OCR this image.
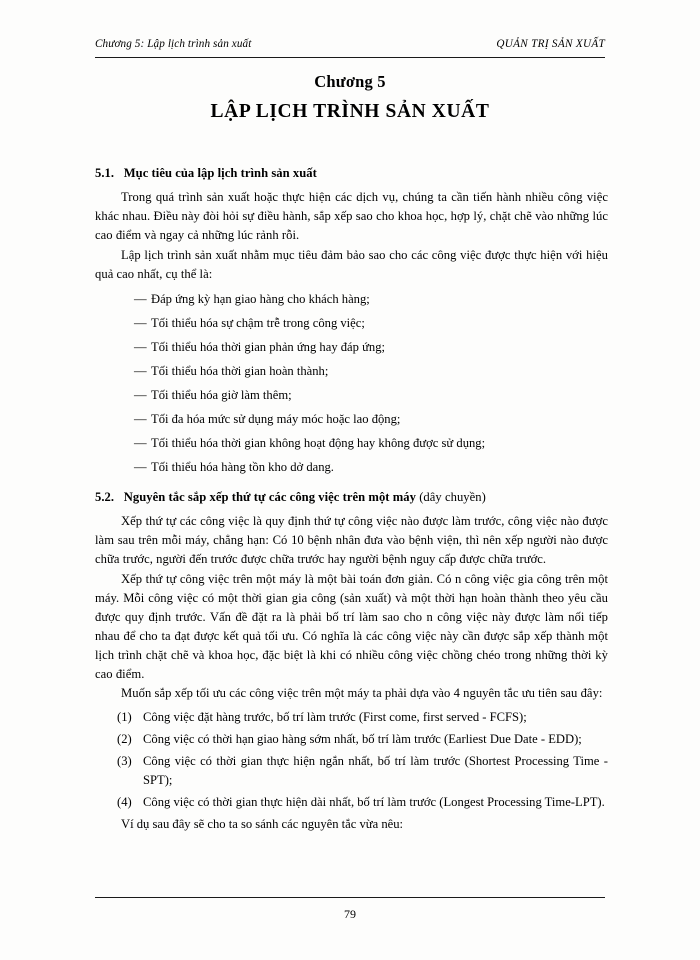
Chương 5: Lập lịch trình sản xuất	QUẢN TRỊ SẢN XUẤT
Chương 5
LẬP LỊCH TRÌNH SẢN XUẤT
5.1. Mục tiêu của lập lịch trình sản xuất

Trong quá trình sản xuất hoặc thực hiện các dịch vụ, chúng ta cần tiến hành nhiều công việc khác nhau. Điều này đòi hỏi sự điều hành, sắp xếp sao cho khoa học, hợp lý, chặt chẽ vào những lúc cao điểm và ngay cả những lúc rảnh rỗi.

Lập lịch trình sản xuất nhằm mục tiêu đảm bảo sao cho các công việc được thực hiện với hiệu quả cao nhất, cụ thể là:

— Đáp ứng kỳ hạn giao hàng cho khách hàng;
— Tối thiểu hóa sự chậm trễ trong công việc;
— Tối thiểu hóa thời gian phản ứng hay đáp ứng;
— Tối thiểu hóa thời gian hoàn thành;
— Tối thiểu hóa giờ làm thêm;
— Tối đa hóa mức sử dụng máy móc hoặc lao động;
— Tối thiểu hóa thời gian không hoạt động hay không được sử dụng;
— Tối thiểu hóa hàng tồn kho dở dang.
5.2. Nguyên tắc sắp xếp thứ tự các công việc trên một máy (dây chuyền)

Xếp thứ tự các công việc là quy định thứ tự công việc nào được làm trước, công việc nào được làm sau trên mỗi máy, chẳng hạn: Có 10 bệnh nhân đưa vào bệnh viện, thì nên xếp người nào được chữa trước, người đến trước được chữa trước hay người bệnh nguy cấp được chữa trước.

Xếp thứ tự công việc trên một máy là một bài toán đơn giản. Có n công việc gia công trên một máy. Mỗi công việc có một thời gian gia công (sản xuất) và một thời hạn hoàn thành theo yêu cầu được quy định trước. Vấn đề đặt ra là phải bố trí làm sao cho n công việc này được làm nối tiếp nhau để cho ta đạt được kết quả tối ưu. Có nghĩa là các công việc này cần được sắp xếp thành một lịch trình chặt chẽ và khoa học, đặc biệt là khi có nhiều công việc chồng chéo trong những thời kỳ cao điểm.

Muốn sắp xếp tối ưu các công việc trên một máy ta phải dựa vào 4 nguyên tắc ưu tiên sau đây:

(1) Công việc đặt hàng trước, bố trí làm trước (First come, first served - FCFS);
(2) Công việc có thời hạn giao hàng sớm nhất, bố trí làm trước (Earliest Due Date - EDD);
(3) Công việc có thời gian thực hiện ngắn nhất, bố trí làm trước (Shortest Processing Time - SPT);
(4) Công việc có thời gian thực hiện dài nhất, bố trí làm trước (Longest Processing Time-LPT).

Ví dụ sau đây sẽ cho ta so sánh các nguyên tắc vừa nêu:

79
